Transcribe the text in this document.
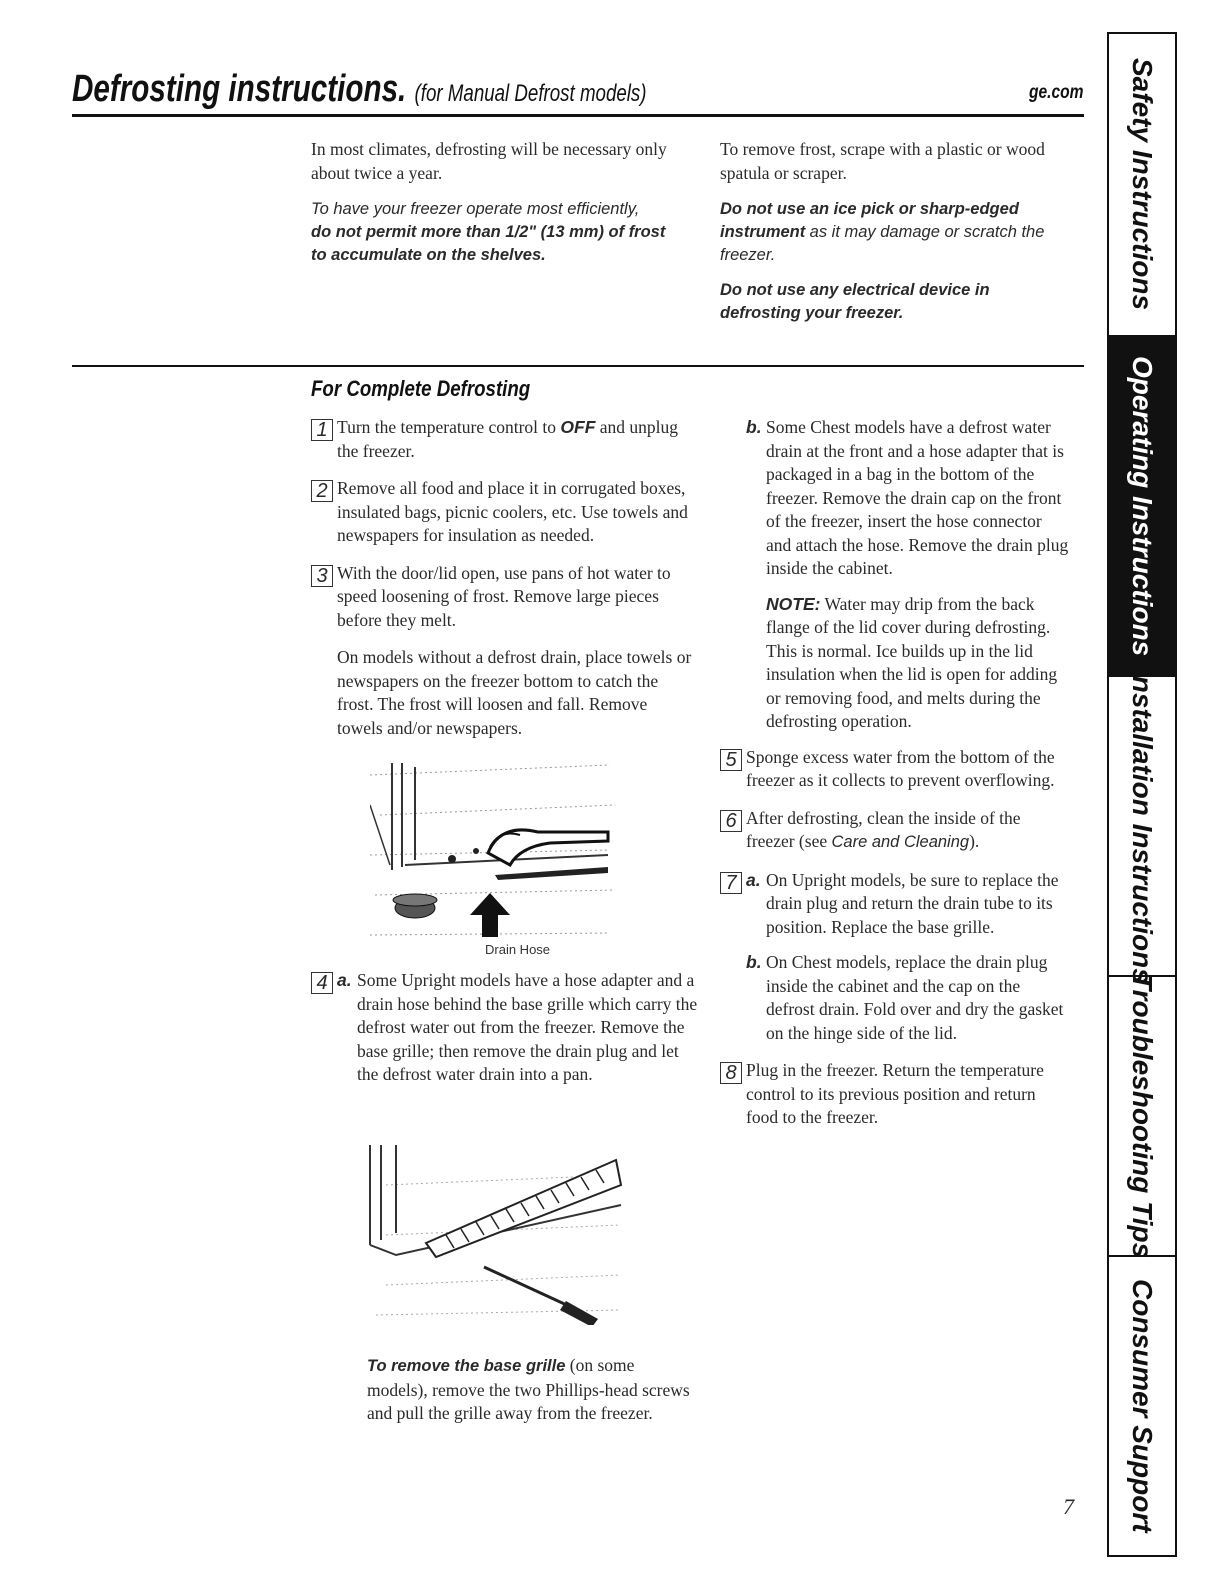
Defrosting instructions. (for Manual Defrost models)	ge.com

In most climates, defrosting will be necessary only about twice a year.

To have your freezer operate most efficiently,
do not permit more than 1/2" (13 mm) of frost to accumulate on the shelves.

To remove frost, scrape with a plastic or wood spatula or scraper.

Do not use an ice pick or sharp-edged instrument as it may damage or scratch the freezer.

Do not use any electrical device in defrosting your freezer.

For Complete Defrosting
1 Turn the temperature control to OFF and unplug the freezer.
2 Remove all food and place it in corrugated boxes, insulated bags, picnic coolers, etc. Use towels and newspapers for insulation as needed.
3 With the door/lid open, use pans of hot water to speed loosening of frost. Remove large pieces before they melt.

On models without a defrost drain, place towels or newspapers on the freezer bottom to catch the frost. The frost will loosen and fall. Remove towels and/or newspapers.

Drain Hose
4 a. Some Upright models have a hose adapter and a drain hose behind the base grille which carry the defrost water out from the freezer. Remove the base grille; then remove the drain plug and let the defrost water drain into a pan.

To remove the base grille (on some models), remove the two Phillips-head screws and pull the grille away from the freezer.

b. Some Chest models have a defrost water drain at the front and a hose adapter that is packaged in a bag in the bottom of the freezer. Remove the drain cap on the front of the freezer, insert the hose connector and attach the hose. Remove the drain plug inside the cabinet.

NOTE: Water may drip from the back flange of the lid cover during defrosting. This is normal. Ice builds up in the lid insulation when the lid is open for adding or removing food, and melts during the defrosting operation.

5 Sponge excess water from the bottom of the freezer as it collects to prevent overflowing.
6 After defrosting, clean the inside of the freezer (see Care and Cleaning).
7 a. On Upright models, be sure to replace the drain plug and return the drain tube to its position. Replace the base grille.
b. On Chest models, replace the drain plug inside the cabinet and the cap on the defrost drain. Fold over and dry the gasket on the hinge side of the lid.
8 Plug in the freezer. Return the temperature control to its previous position and return food to the freezer.
Safety Instructions
Operating Instructions
Installation Instructions
Troubleshooting Tips
Consumer Support
7
